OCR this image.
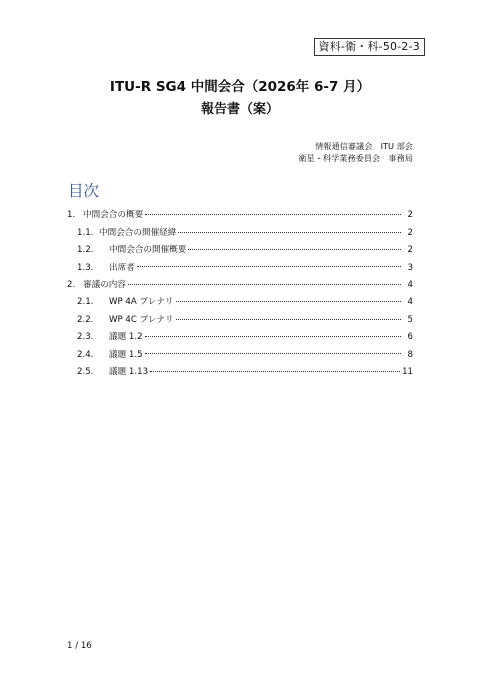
資料-衛・科-50-2-3
ITU-R SG4 中間会合（2026年 6-7 月）
報告書（案）
情報通信審議会　ITU 部会
衛星・科学業務委員会　事務局
目次
1. 中間会合の概要	2
1.1. 中間会合の開催経緯	2
1.2.	中間会合の開催概要	2
1.3.	出席者	3
2. 審議の内容	4
2.1.	WP 4A プレナリ	4
2.2.	WP 4C プレナリ	5
2.3.	議題 1.2	6
2.4.	議題 1.5	8
2.5.	議題 1.13	11
1 / 16
